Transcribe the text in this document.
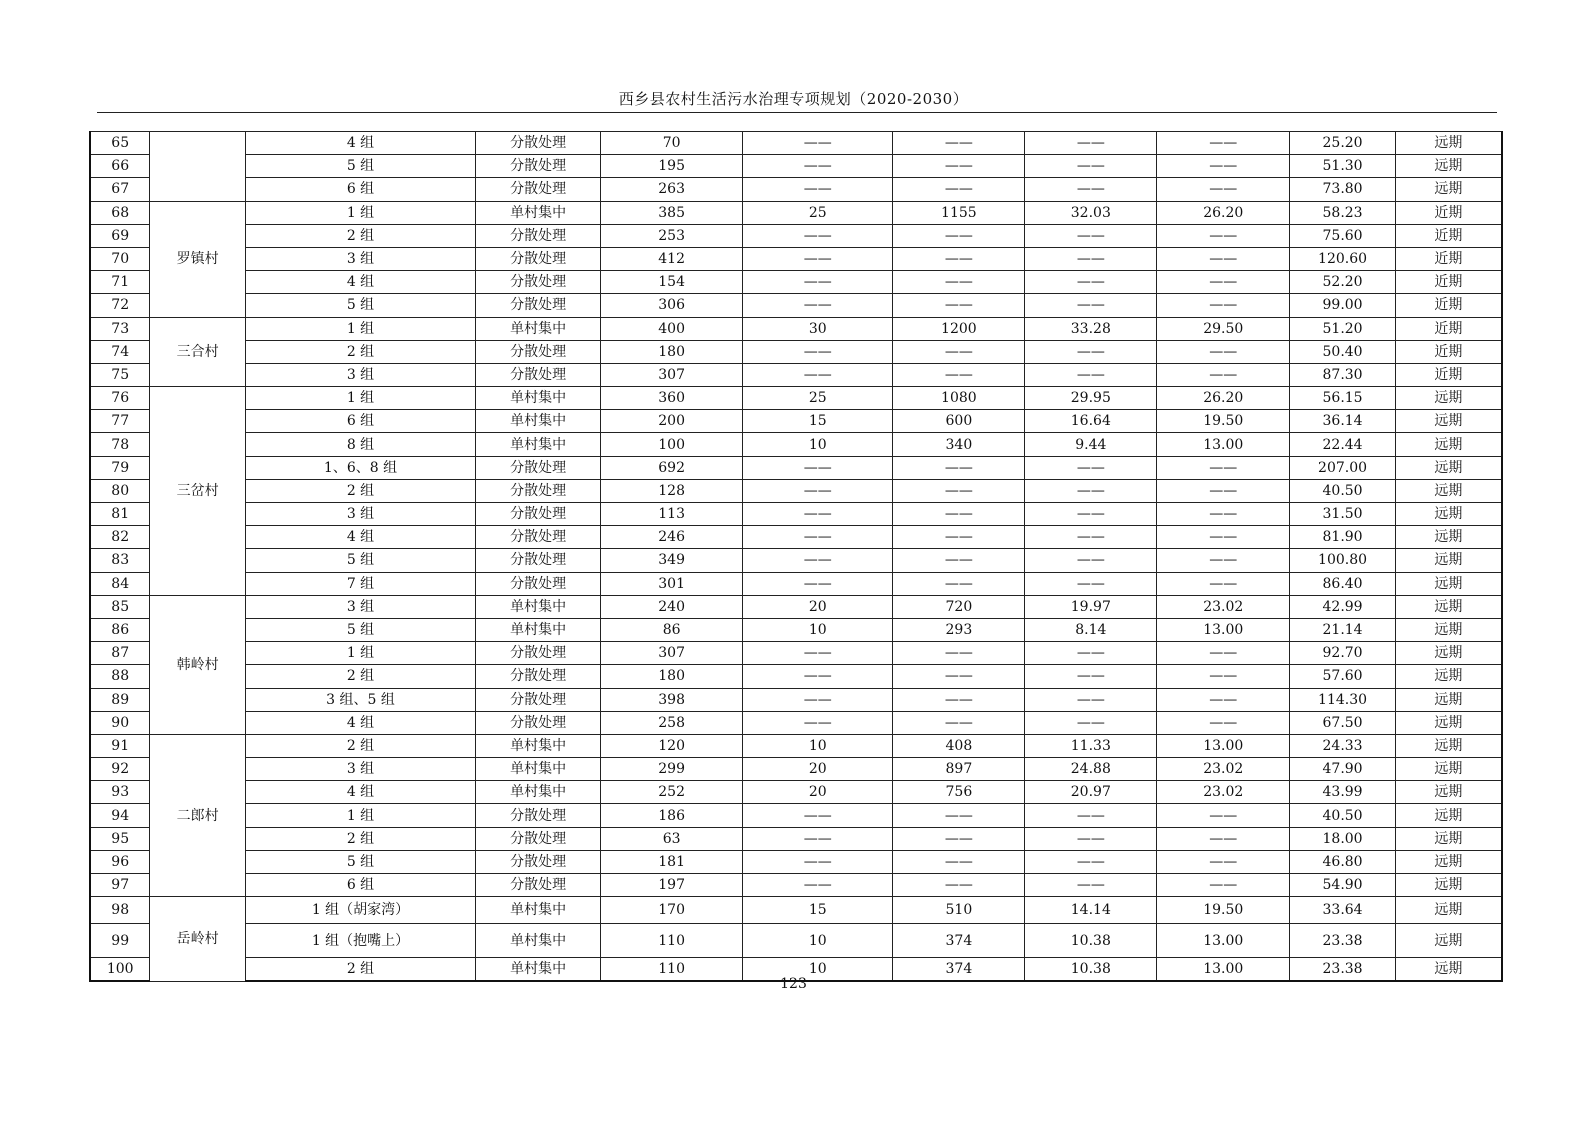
西乡县农村生活污水治理专项规划（2020-2030）
65		4 组	分散处理	70	——	——	——	——	25.20	远期
66		5 组	分散处理	195	——	——	——	——	51.30	远期
67		6 组	分散处理	263	——	——	——	——	73.80	远期
68	罗镇村	1 组	单村集中	385	25	1155	32.03	26.20	58.23	近期
69		2 组	分散处理	253	——	——	——	——	75.60	近期
70		3 组	分散处理	412	——	——	——	——	120.60	近期
71		4 组	分散处理	154	——	——	——	——	52.20	近期
72		5 组	分散处理	306	——	——	——	——	99.00	近期
73	三合村	1 组	单村集中	400	30	1200	33.28	29.50	51.20	近期
74		2 组	分散处理	180	——	——	——	——	50.40	近期
75		3 组	分散处理	307	——	——	——	——	87.30	近期
76	三岔村	1 组	单村集中	360	25	1080	29.95	26.20	56.15	远期
77		6 组	单村集中	200	15	600	16.64	19.50	36.14	远期
78		8 组	单村集中	100	10	340	9.44	13.00	22.44	远期
79		1、6、8 组	分散处理	692	——	——	——	——	207.00	远期
80		2 组	分散处理	128	——	——	——	——	40.50	远期
81		3 组	分散处理	113	——	——	——	——	31.50	远期
82		4 组	分散处理	246	——	——	——	——	81.90	远期
83		5 组	分散处理	349	——	——	——	——	100.80	远期
84		7 组	分散处理	301	——	——	——	——	86.40	远期
85	韩岭村	3 组	单村集中	240	20	720	19.97	23.02	42.99	远期
86		5 组	单村集中	86	10	293	8.14	13.00	21.14	远期
87		1 组	分散处理	307	——	——	——	——	92.70	远期
88		2 组	分散处理	180	——	——	——	——	57.60	远期
89		3 组、5 组	分散处理	398	——	——	——	——	114.30	远期
90		4 组	分散处理	258	——	——	——	——	67.50	远期
91	二郎村	2 组	单村集中	120	10	408	11.33	13.00	24.33	远期
92		3 组	单村集中	299	20	897	24.88	23.02	47.90	远期
93		4 组	单村集中	252	20	756	20.97	23.02	43.99	远期
94		1 组	分散处理	186	——	——	——	——	40.50	远期
95		2 组	分散处理	63	——	——	——	——	18.00	远期
96		5 组	分散处理	181	——	——	——	——	46.80	远期
97		6 组	分散处理	197	——	——	——	——	54.90	远期
98	岳岭村	1 组（胡家湾）	单村集中	170	15	510	14.14	19.50	33.64	远期
99		1 组（抱嘴上）	单村集中	110	10	374	10.38	13.00	23.38	远期
100		2 组	单村集中	110	10	374	10.38	13.00	23.38	远期
123
